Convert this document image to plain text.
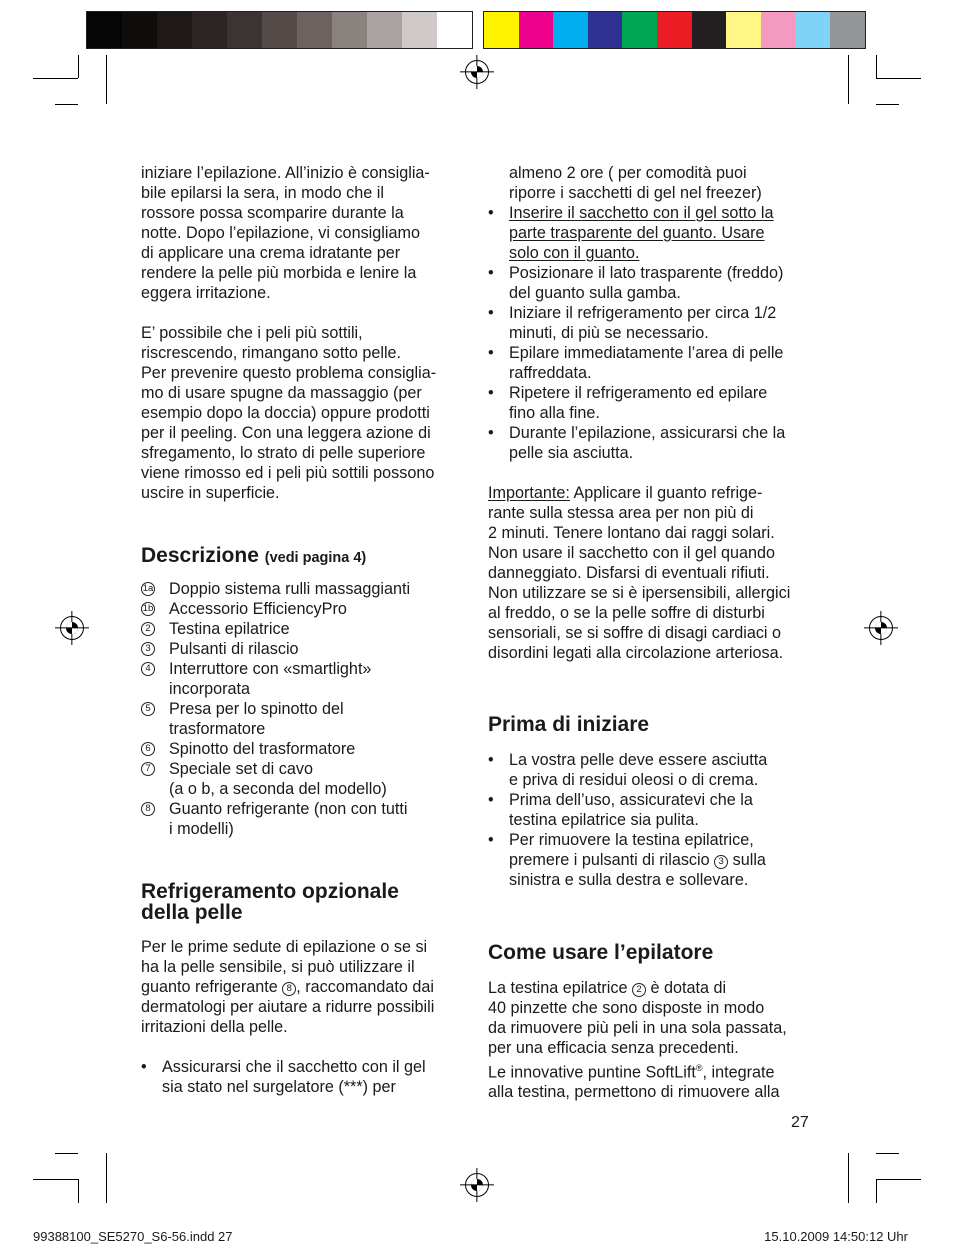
iniziare l’epilazione. All’inizio è consiglia-
bile epilarsi la sera, in modo che il
rossore possa scomparire durante la
notte. Dopo l’epilazione, vi consigliamo
di applicare una crema idratante per
rendere la pelle più morbida e lenire la
eggera irritazione.
E’ possibile che i peli più sottili,
riscrescendo, rimangano sotto pelle.
Per prevenire questo problema consiglia-
mo di usare spugne da massaggio (per
esempio dopo la doccia) oppure prodotti
per il peeling. Con una leggera azione di
sfregamento, lo strato di pelle superiore
viene rimosso ed i peli più sottili possono
uscire in superficie.
Descrizione (vedi pagina 4)
1a Doppio sistema rulli massaggianti
1b Accessorio EfficiencyPro
2 Testina epilatrice
3 Pulsanti di rilascio
4 Interruttore con «smartlight»
incorporata
5 Presa per lo spinotto del
trasformatore
6 Spinotto del trasformatore
7 Speciale set di cavo
(a o b, a seconda del modello)
8 Guanto refrigerante (non con tutti
i modelli)
Refrigeramento opzionale
della pelle
Per le prime sedute di epilazione o se si
ha la pelle sensibile, si può utilizzare il
guanto refrigerante 8 , raccomandato dai
dermatologi per aiutare a ridurre possibili
irritazioni della pelle.
• Assicurarsi che il sacchetto con il gel
sia stato nel surgelatore (***) per
almeno 2 ore ( per comodità puoi
riporre i sacchetti di gel nel freezer)
• Inserire il sacchetto con il gel sotto la
parte trasparente del guanto. Usare
solo con il guanto.
• Posizionare il lato trasparente (freddo)
del guanto sulla gamba.
• Iniziare il refrigeramento per circa 1/2
minuti, di più se necessario.
• Epilare immediatamente l’area di pelle
raffreddata.
• Ripetere il refrigeramento ed epilare
fino alla fine.
• Durante l’epilazione, assicurarsi che la
pelle sia asciutta.
Importante: Applicare il guanto refrige-
rante sulla stessa area per non più di
2 minuti. Tenere lontano dai raggi solari.
Non usare il sacchetto con il gel quando
danneggiato. Disfarsi di eventuali rifiuti.
Non utilizzare se si è ipersensibili, allergici
al freddo, o se la pelle soffre di disturbi
sensoriali, se si soffre di disagi cardiaci o
disordini legati alla circolazione arteriosa.
Prima di iniziare
• La vostra pelle deve essere asciutta
e priva di residui oleosi o di crema.
• Prima dell’uso, assicuratevi che la
testina epilatrice sia pulita.
• Per rimuovere la testina epilatrice,
premere i pulsanti di rilascio 3 sulla
sinistra e sulla destra e sollevare.
Come usare l’epilatore
La testina epilatrice 2 è dotata di
40 pinzette che sono disposte in modo
da rimuovere più peli in una sola passata,
per una efficacia senza precedenti.
Le innovative puntine SoftLift®, integrate
alla testina, permettono di rimuovere alla
27
99388100_SE5270_S6-56.indd 27	15.10.2009 14:50:12 Uhr
